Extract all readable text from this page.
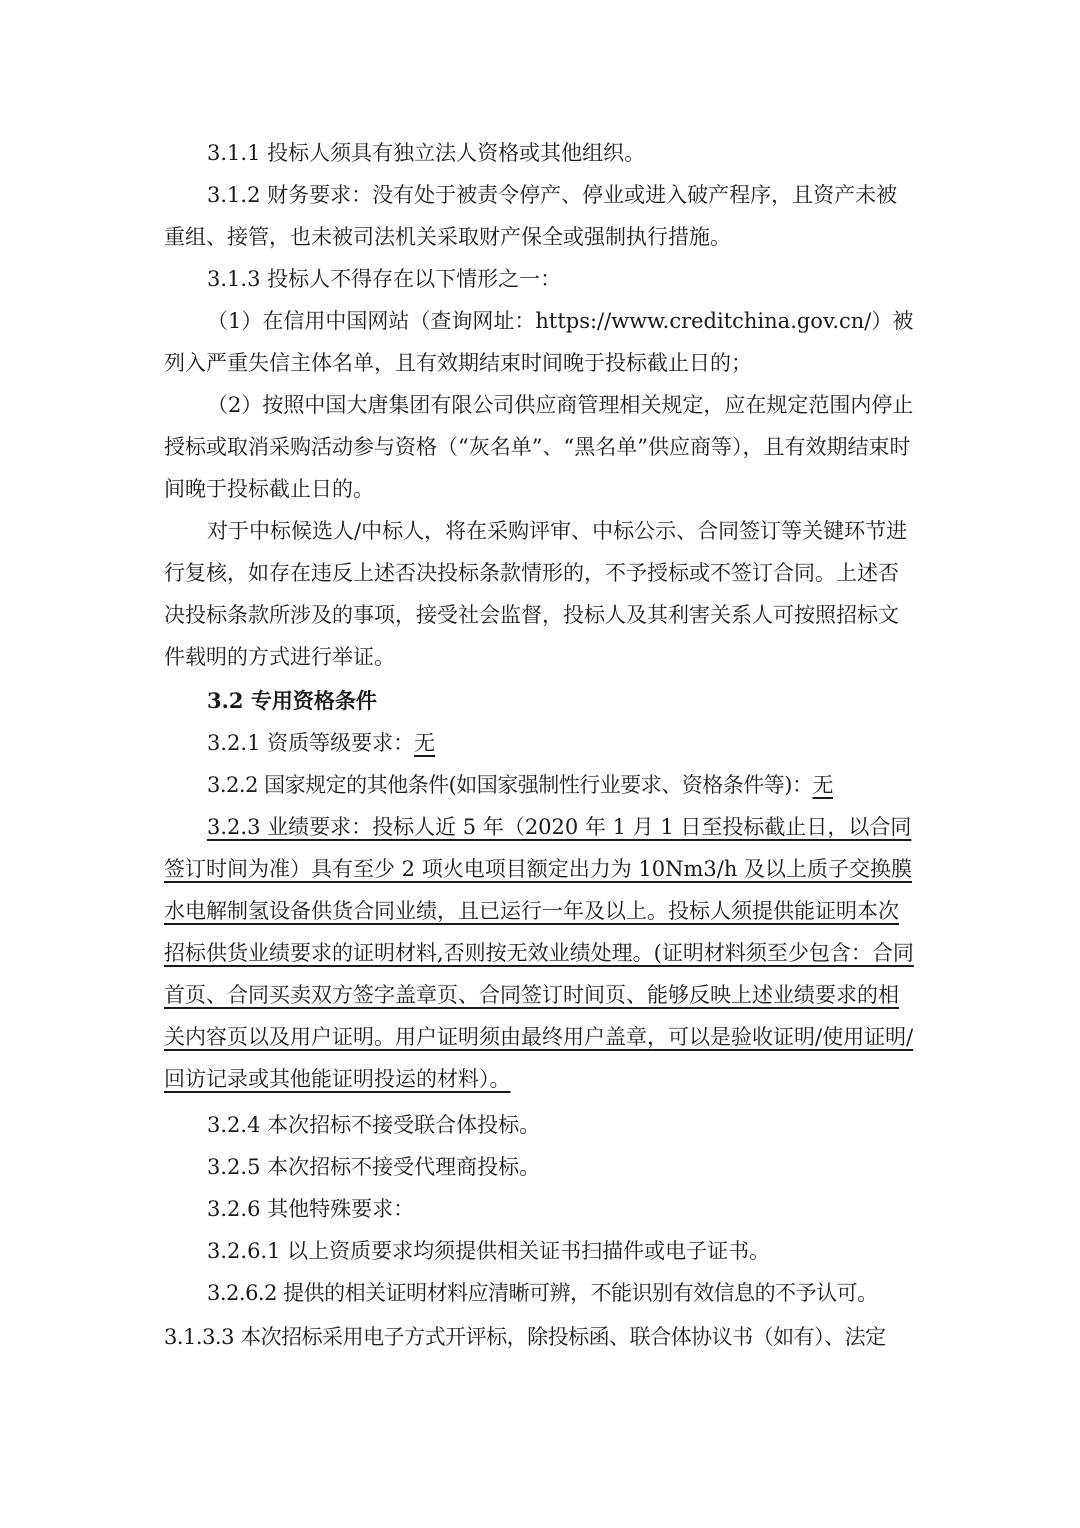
3.1.1 投标人须具有独立法人资格或其他组织。

3.1.2 财务要求：没有处于被责令停产、停业或进入破产程序，且资产未被重组、接管，也未被司法机关采取财产保全或强制执行措施。

3.1.3 投标人不得存在以下情形之一：

（1）在信用中国网站（查询网址：https://www.creditchina.gov.cn/）被列入严重失信主体名单，且有效期结束时间晚于投标截止日的；

（2）按照中国大唐集团有限公司供应商管理相关规定，应在规定范围内停止授标或取消采购活动参与资格（“灰名单”、“黑名单”供应商等），且有效期结束时间晚于投标截止日的。

对于中标候选人/中标人，将在采购评审、中标公示、合同签订等关键环节进行复核，如存在违反上述否决投标条款情形的，不予授标或不签订合同。上述否决投标条款所涉及的事项，接受社会监督，投标人及其利害关系人可按照招标文件载明的方式进行举证。

3.2 专用资格条件

3.2.1 资质等级要求：无

3.2.2 国家规定的其他条件(如国家强制性行业要求、资格条件等)：无

3.2.3 业绩要求：投标人近 5 年（2020 年 1 月 1 日至投标截止日，以合同签订时间为准）具有至少 2 项火电项目额定出力为 10Nm3/h 及以上质子交换膜水电解制氢设备供货合同业绩，且已运行一年及以上。投标人须提供能证明本次招标供货业绩要求的证明材料,否则按无效业绩处理。(证明材料须至少包含：合同首页、合同买卖双方签字盖章页、合同签订时间页、能够反映上述业绩要求的相关内容页以及用户证明。用户证明须由最终用户盖章，可以是验收证明/使用证明/回访记录或其他能证明投运的材料）。

3.2.4 本次招标不接受联合体投标。

3.2.5 本次招标不接受代理商投标。

3.2.6 其他特殊要求：

3.2.6.1 以上资质要求均须提供相关证书扫描件或电子证书。

3.2.6.2 提供的相关证明材料应清晰可辨，不能识别有效信息的不予认可。

3.1.3.3 本次招标采用电子方式开评标，除投标函、联合体协议书（如有）、法定
